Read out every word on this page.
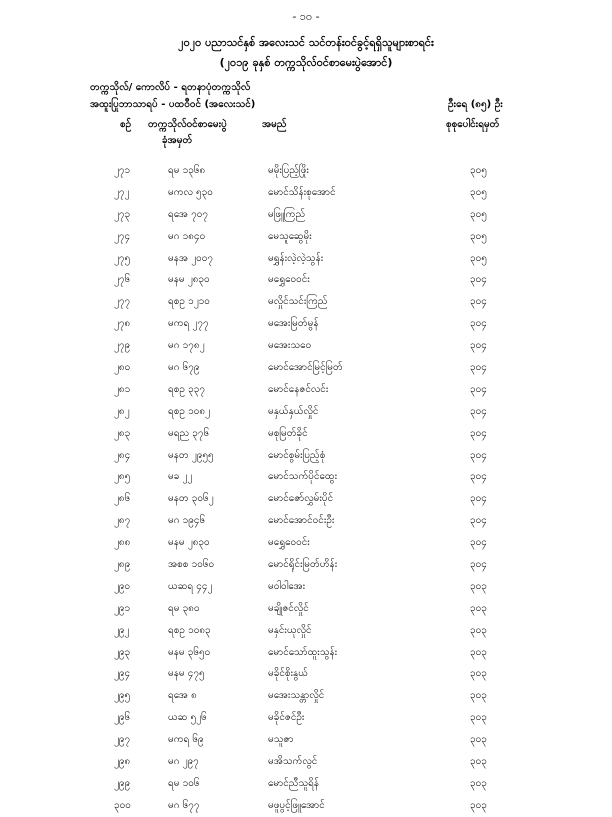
- ၁၀ -
၂၀၂၀ ပညာသင်နှစ် အလေးသင် သင်တန်းဝင်ခွင့်ရရှိသူများစာရင်း
(၂၀၁၉ ခုနှစ် တက္ကသိုလ်ဝင်စာမေးပွဲအောင်)
တက္ကသိုလ်/ ကောလိပ် - ရတနာပုံတက္ကသိုလ်
အထူးပြုဘာသာရပ် - ပထဝီဝင် (အလေးသင်)	ဦးရေ (၈၅) ဦး
စဉ် တက္ကသိုလ်ဝင်စာမေးပွဲ
ခုံအမှတ်
အမည်	စုစုပေါင်းရမှတ်
၂၇၁	ရမ ၁၃၆၈	မမိုးပြည့်ဖြိုး	၃၀၅
၂၇၂	မကလ ၅၃၀	မောင်သိန်းစုအောင်	၃၀၅
၂၇၃	ရအေ ၇၀၇	မဖြူကြည်	၃၀၅
၂၇၄	မဂ ၁၈၄၀	မေသူဆွေမိုး	၃၀၅
၂၇၅	မနအ ၂၀၀၇	မရွှန်းလဲ့လဲ့သွန်း	၃၀၅
၂၇၆	မနမ ၂၈၃၀	မရွှေဝေဝင်း	၃၀၄
၂၇၇	ရစဥ ၁၂၁၀	မလှိုင်သင်းကြည်	၃၀၄
၂၇၈	မကရ ၂၇၇	မအေးမြတ်မွန်	၃၀၄
၂၇၉	မဂ ၁၇၈၂	မအေးသဝေ	၃၀၄
၂၈၀	မဂ ၆၇၉	မောင်အောင်မြင့်မြတ်	၃၀၄
၂၈၁	ရစဥ ၃၃၇	မောင်နေဇင်လင်း	၃၀၄
၂၈၂	ရစဥ ၁၀၈၂	မနှယ်နှယ်လှိုင်	၃၀၄
၂၈၃	မရည ၃၇၆	မစုမြတ်ခိုင်	၃၀၄
၂၈၄	မနတ ၂၉၅၅	မောင်စွမ်းပြည့်စုံ	၃၀၄
၂၈၅	မခ ၂၂	မောင်သက်ပိုင်ထွေး	၃၀၄
၂၈၆	မနတ ၃၀၆၂	မောင်ဇော်လွှမ်းပိုင်	၃၀၄
၂၈၇	မဂ ၁၉၄၆	မောင်အောင်ဝင်းဦး	၃၀၄
၂၈၈	မနမ ၂၈၃၀	မရွှေဝေဝင်း	၃၀၄
၂၈၉	အစစ ၁၀၆၀	မောင်ရိုင်းမြတ်ဟိန်း	၃၀၄
၂၉၀	ယဆရ ၄၄၂	မဝါဝါအေး	၃၀၃
၂၉၁	ရမ ၃၈၀	မချိုဇင်လှိုင်	၃၀၃
၂၉၂	ရစဥ ၁၀၈၃	မနှင်းယုလှိုင်	၃၀၃
၂၉၃	မနမ ၃၆၅၀	မောင်သော်ထူးသွန်း	၃၀၃
၂၉၄	မနမ ၄၇၅	မခိုင်စိုးနွယ်	၃၀၃
၂၉၅	ရအေ ၈	မအေးသန္တာလှိုင်	၃၀၃
၂၉၆	ယဆ ၅၂၆	မခိုင်ဇင်ဦး	၃၀၃
၂၉၇	မကရ ၆၉	မသူဇာ	၃၀၃
၂၉၈	မဂ ၂၉၇	မအိသက်လွင်	၃၀၃
၂၉၉	ရမ ၁၀၆	မောင်ညီသူရိန်	၃၀၃
၃၀၀	မဂ ၆၇၇	မဖူပွင့်ဖြူအောင်	၃၀၃
